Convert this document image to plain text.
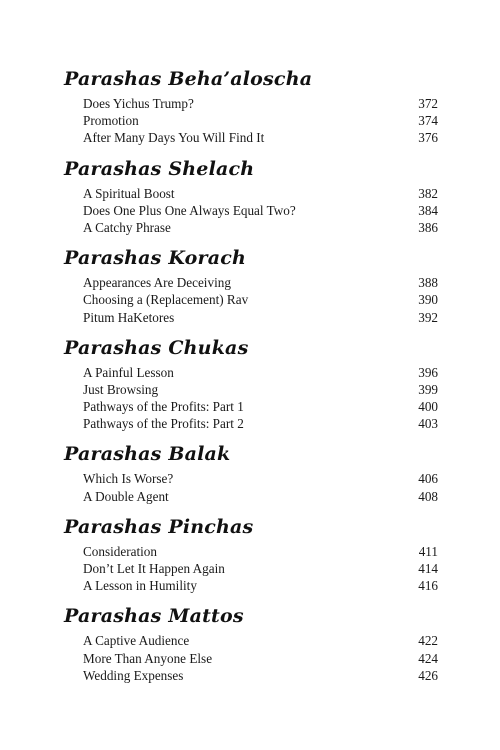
Parashas Beha’aloscha
Does Yichus Trump?	372
Promotion	374
After Many Days You Will Find It	376
Parashas Shelach
A Spiritual Boost	382
Does One Plus One Always Equal Two?	384
A Catchy Phrase	386
Parashas Korach
Appearances Are Deceiving	388
Choosing a (Replacement) Rav	390
Pitum HaKetores	392
Parashas Chukas
A Painful Lesson	396
Just Browsing	399
Pathways of the Profits: Part 1	400
Pathways of the Profits: Part 2	403
Parashas Balak
Which Is Worse?	406
A Double Agent	408
Parashas Pinchas
Consideration	411
Don’t Let It Happen Again	414
A Lesson in Humility	416
Parashas Mattos
A Captive Audience	422
More Than Anyone Else	424
Wedding Expenses	426
